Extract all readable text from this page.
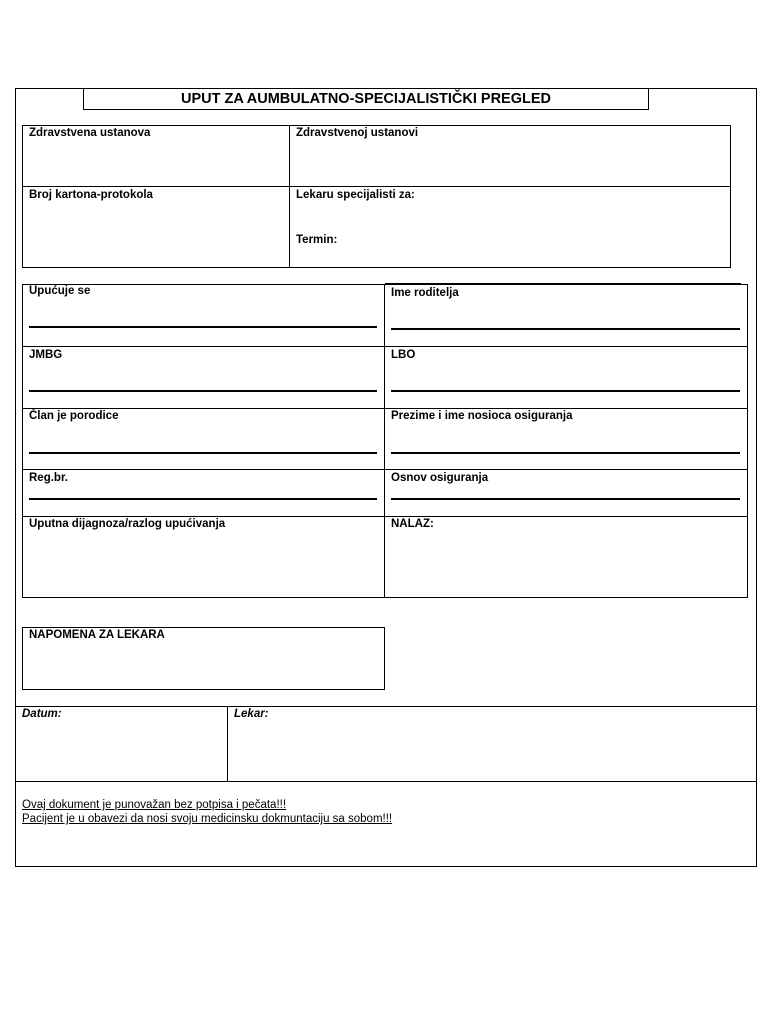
UPUT ZA AUMBULATNO-SPECIJALISTIČKI PREGLED
Zdravstvena ustanova	Zdravstvenoj ustanovi
Broj kartona-protokola	Lekaru specijalisti za:
Termin:
Upućuje se	Ime roditelja
JMBG	LBO
Član je porodice	Prezime i ime nosioca osiguranja
Reg.br.	Osnov osiguranja
Uputna dijagnoza/razlog upućivanja	NALAZ:
NAPOMENA ZA LEKARA
Datum:	Lekar:
Ovaj dokument je punovažan bez potpisa i pečata!!!
Pacijent je u obavezi da nosi svoju medicinsku dokmuntaciju sa sobom!!!
